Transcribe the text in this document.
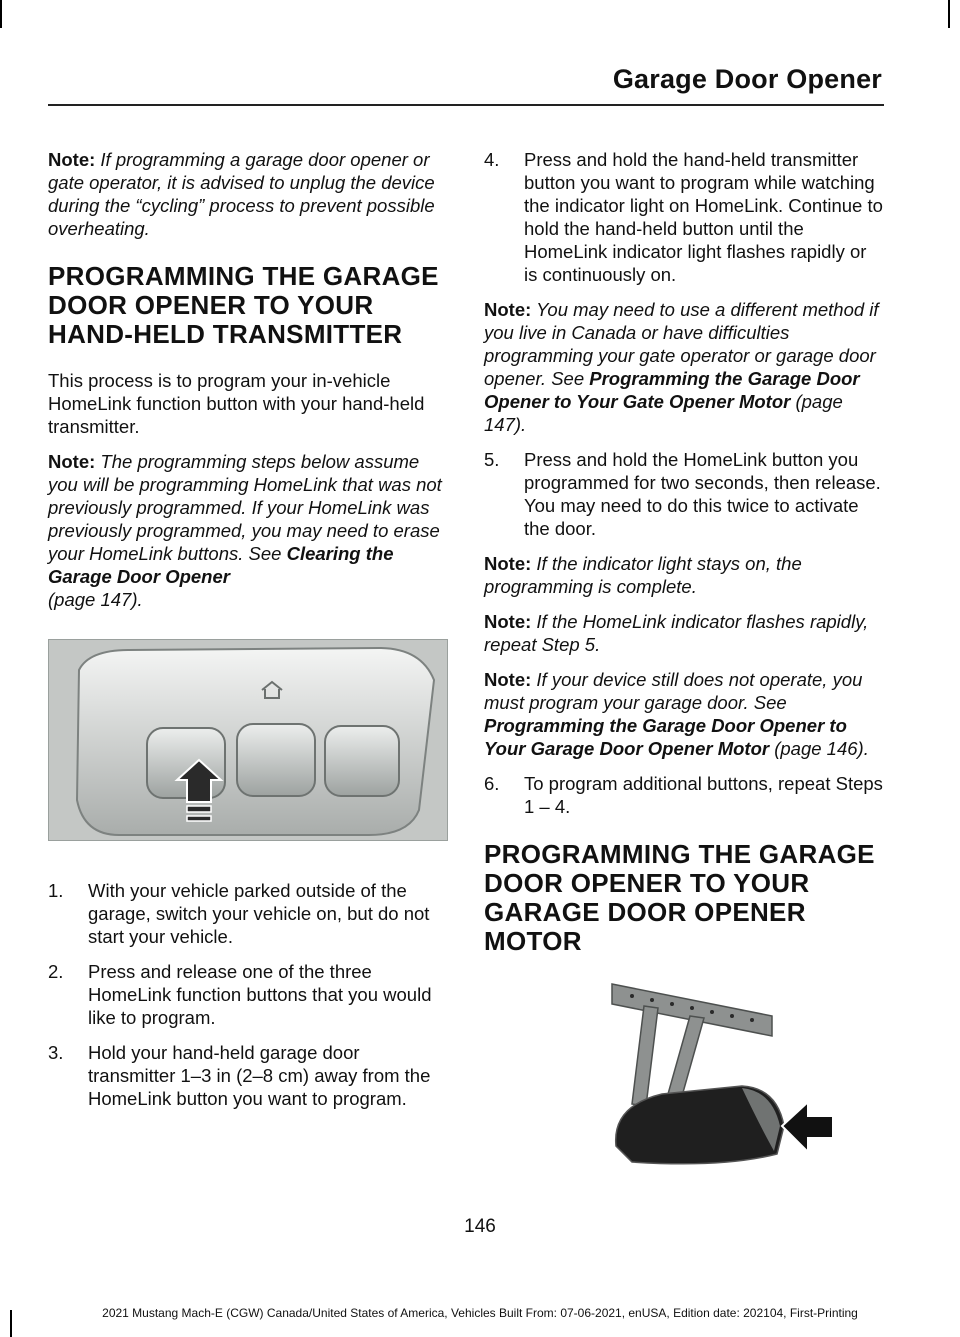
Garage Door Opener

Note: If programming a garage door opener or gate operator, it is advised to unplug the device during the “cycling” process to prevent possible overheating.

PROGRAMMING THE GARAGE
DOOR OPENER TO YOUR
HAND-HELD TRANSMITTER

This process is to program your in-vehicle HomeLink function button with your hand-held transmitter.

Note: The programming steps below assume you will be programming HomeLink that was not previously programmed. If your HomeLink was previously programmed, you may need to erase your HomeLink buttons. See Clearing the Garage Door Opener
(page 147).

1. With your vehicle parked outside of the garage, switch your vehicle on, but do not start your vehicle.
2. Press and release one of the three HomeLink function buttons that you would like to program.
3. Hold your hand-held garage door transmitter 1–3 in (2–8 cm) away from the HomeLink button you want to program.
4. Press and hold the hand-held transmitter button you want to program while watching the indicator light on HomeLink. Continue to hold the hand-held button until the HomeLink indicator light flashes rapidly or is continuously on.

Note: You may need to use a different method if you live in Canada or have difficulties programming your gate operator or garage door opener. See Programming the Garage Door Opener to Your Gate Opener Motor (page 147).

5. Press and hold the HomeLink button you programmed for two seconds, then release. You may need to do this twice to activate the door.

Note: If the indicator light stays on, the programming is complete.

Note: If the HomeLink indicator flashes rapidly, repeat Step 5.

Note: If your device still does not operate, you must program your garage door. See Programming the Garage Door Opener to Your Garage Door Opener Motor (page 146).

6. To program additional buttons, repeat Steps 1 – 4.
PROGRAMMING THE GARAGE
DOOR OPENER TO YOUR
GARAGE DOOR OPENER
MOTOR
146
2021 Mustang Mach-E (CGW) Canada/United States of America, Vehicles Built From: 07-06-2021, enUSA, Edition date: 202104, First-Printing
